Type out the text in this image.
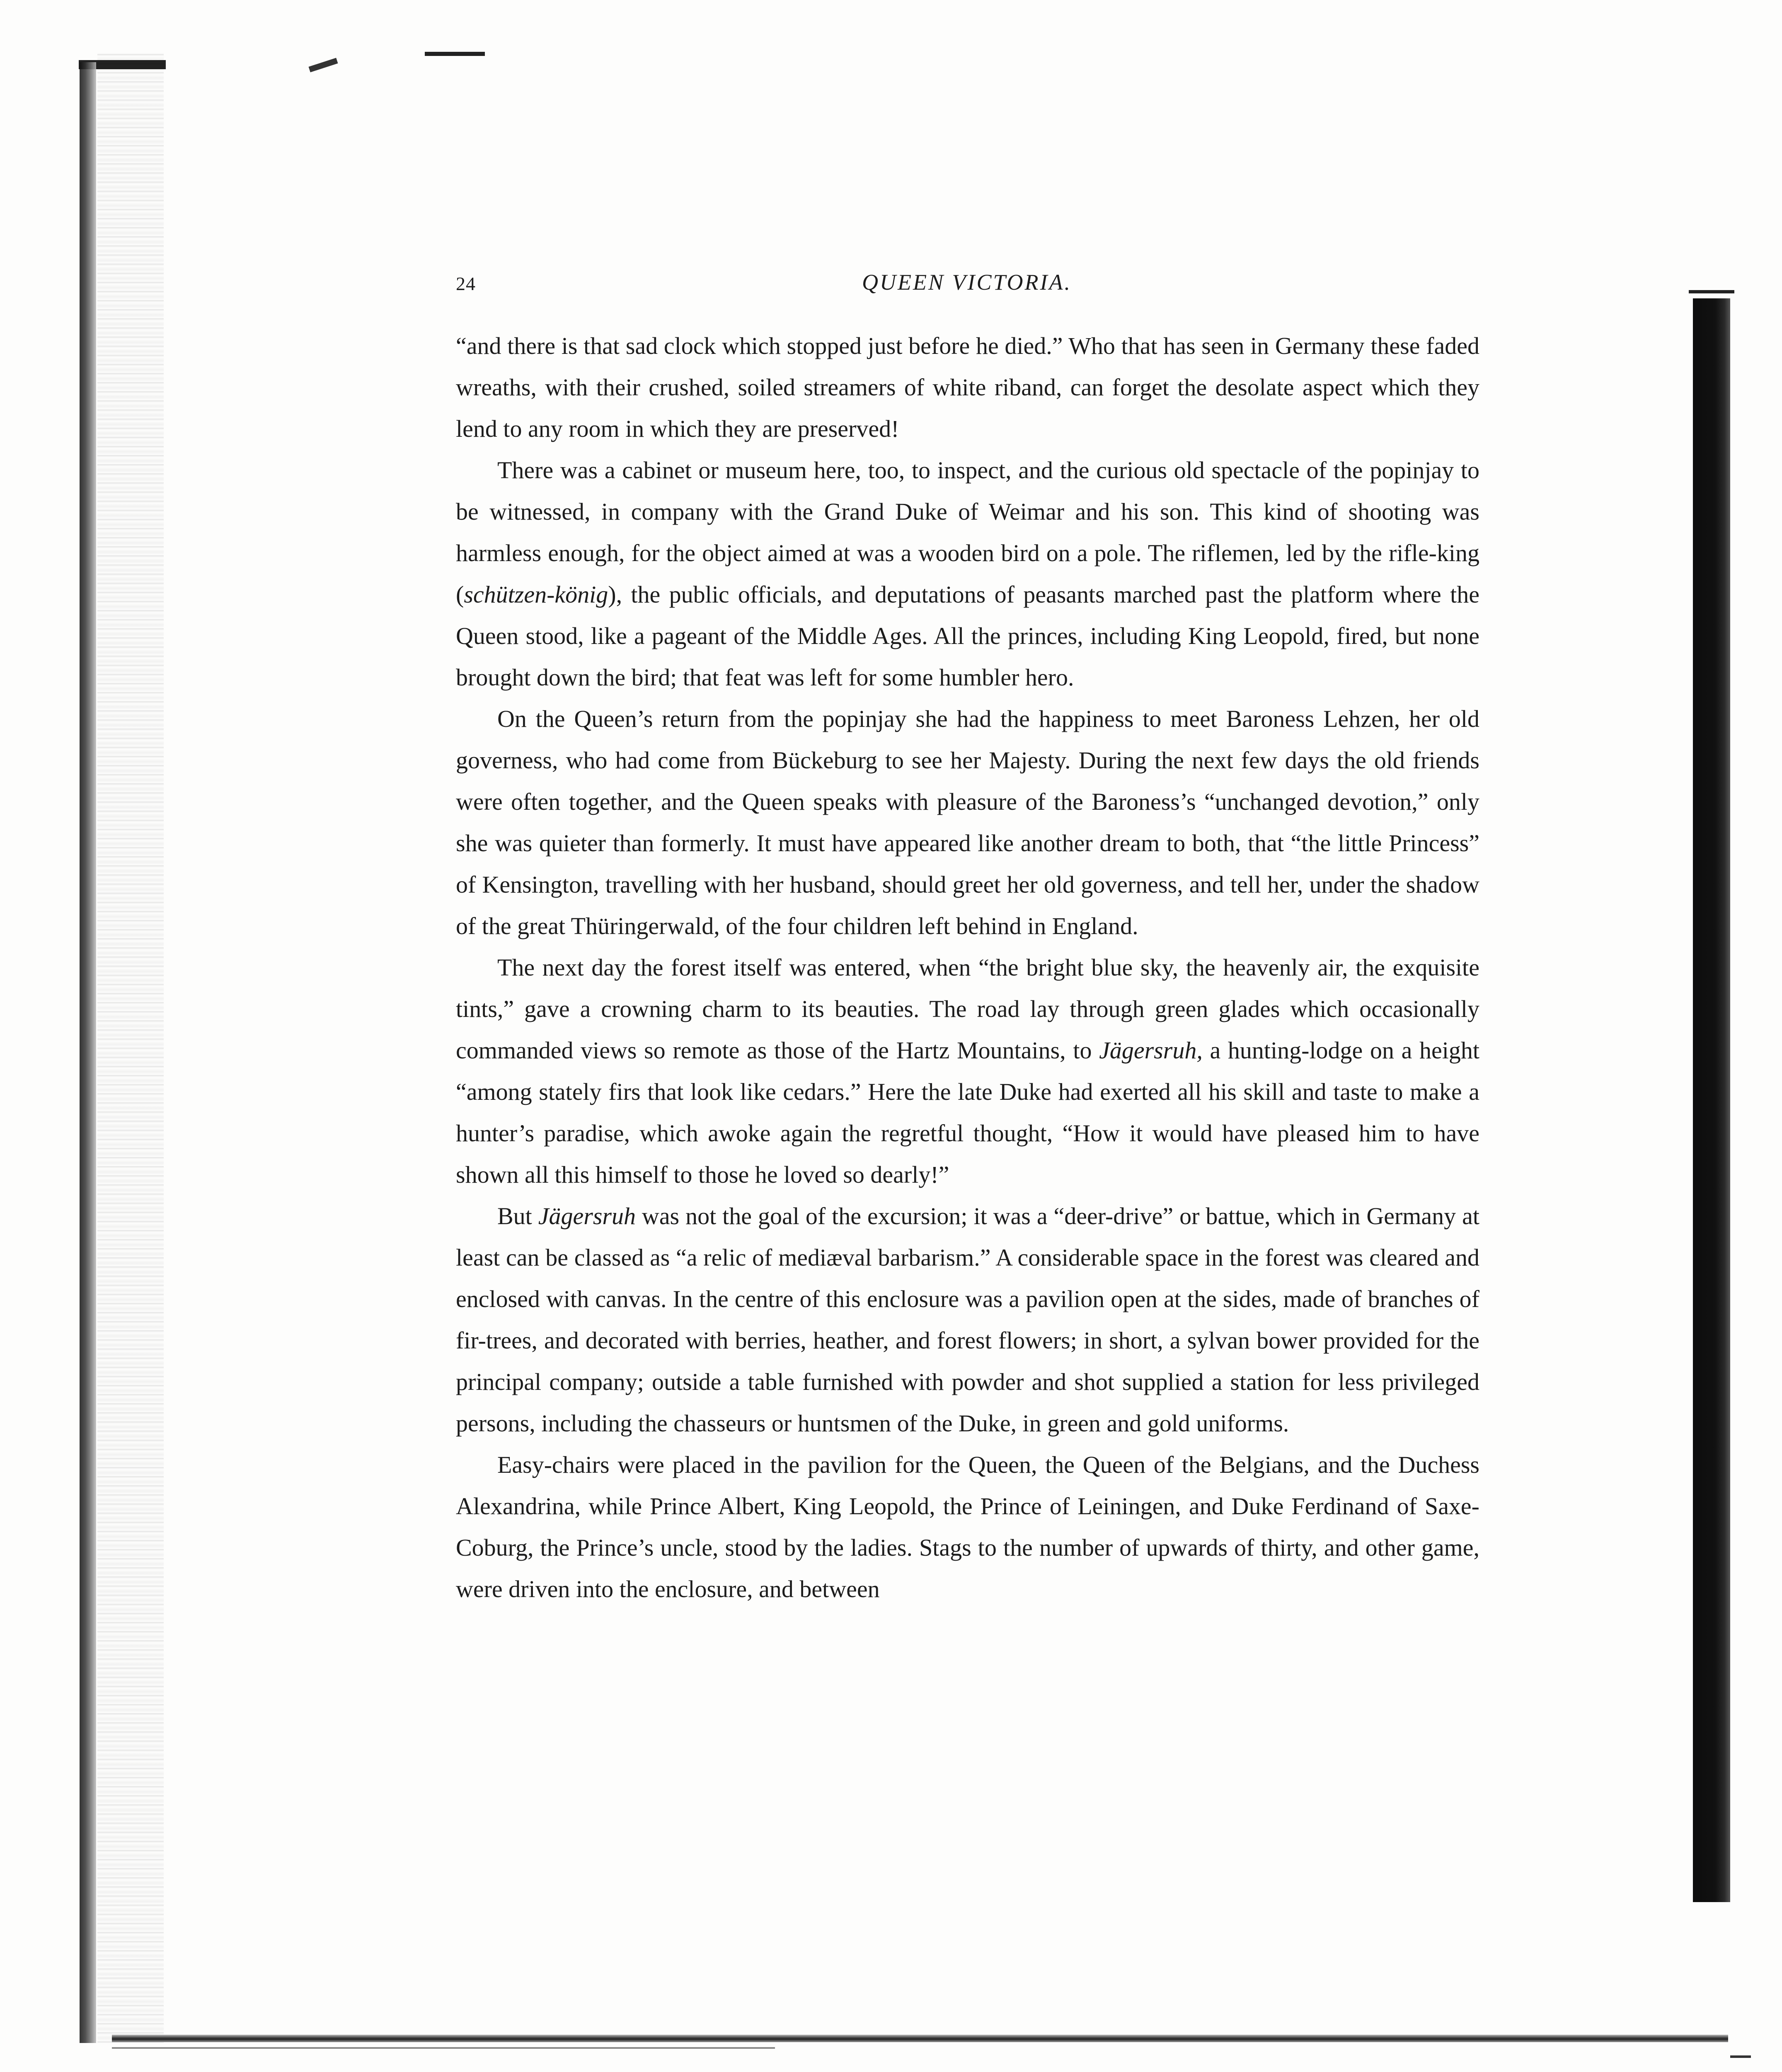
24	QUEEN VICTORIA.

“and there is that sad clock which stopped just before he died.” Who that has seen in Germany these faded wreaths, with their crushed, soiled streamers of white riband, can forget the desolate aspect which they lend to any room in which they are preserved!

There was a cabinet or museum here, too, to inspect, and the curious old spectacle of the popinjay to be witnessed, in company with the Grand Duke of Weimar and his son. This kind of shooting was harmless enough, for the object aimed at was a wooden bird on a pole. The riflemen, led by the rifle-king (schützen-könig), the public officials, and deputations of peasants marched past the platform where the Queen stood, like a pageant of the Middle Ages. All the princes, including King Leopold, fired, but none brought down the bird; that feat was left for some humbler hero.

On the Queen’s return from the popinjay she had the happiness to meet Baroness Lehzen, her old governess, who had come from Bückeburg to see her Majesty. During the next few days the old friends were often together, and the Queen speaks with pleasure of the Baroness’s “unchanged devotion,” only she was quieter than formerly. It must have appeared like another dream to both, that “the little Princess” of Kensington, travelling with her husband, should greet her old governess, and tell her, under the shadow of the great Thüringerwald, of the four children left behind in England.

The next day the forest itself was entered, when “the bright blue sky, the heavenly air, the exquisite tints,” gave a crowning charm to its beauties. The road lay through green glades which occasionally commanded views so remote as those of the Hartz Mountains, to Jägersruh, a hunting-lodge on a height “among stately firs that look like cedars.” Here the late Duke had exerted all his skill and taste to make a hunter’s paradise, which awoke again the regretful thought, “How it would have pleased him to have shown all this himself to those he loved so dearly!”

But Jägersruh was not the goal of the excursion; it was a “deer-drive” or battue, which in Germany at least can be classed as “a relic of mediæval barbarism.” A considerable space in the forest was cleared and enclosed with canvas. In the centre of this enclosure was a pavilion open at the sides, made of branches of fir-trees, and decorated with berries, heather, and forest flowers; in short, a sylvan bower provided for the principal company; outside a table furnished with powder and shot supplied a station for less privileged persons, including the chasseurs or huntsmen of the Duke, in green and gold uniforms.

Easy-chairs were placed in the pavilion for the Queen, the Queen of the Belgians, and the Duchess Alexandrina, while Prince Albert, King Leopold, the Prince of Leiningen, and Duke Ferdinand of Saxe-Coburg, the Prince’s uncle, stood by the ladies. Stags to the number of upwards of thirty, and other game, were driven into the enclosure, and between
